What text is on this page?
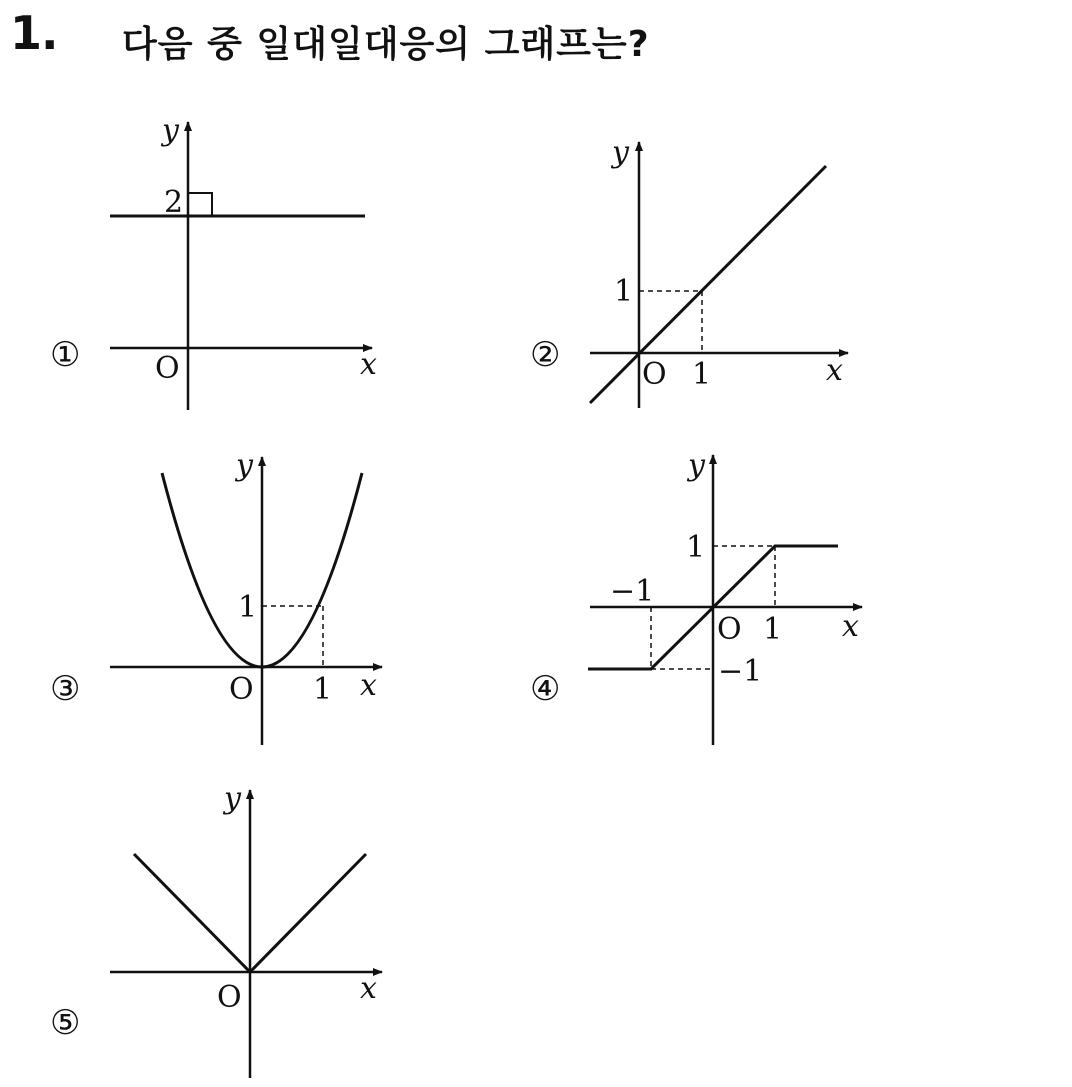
1. 다음 중 일대일대응의 그래프는?
①
y
2
O	x	②
y
1
O 1	x
③
y
1
O 1 x	④
y
1
−1
O 1 x
−1
⑤
y
O	x
